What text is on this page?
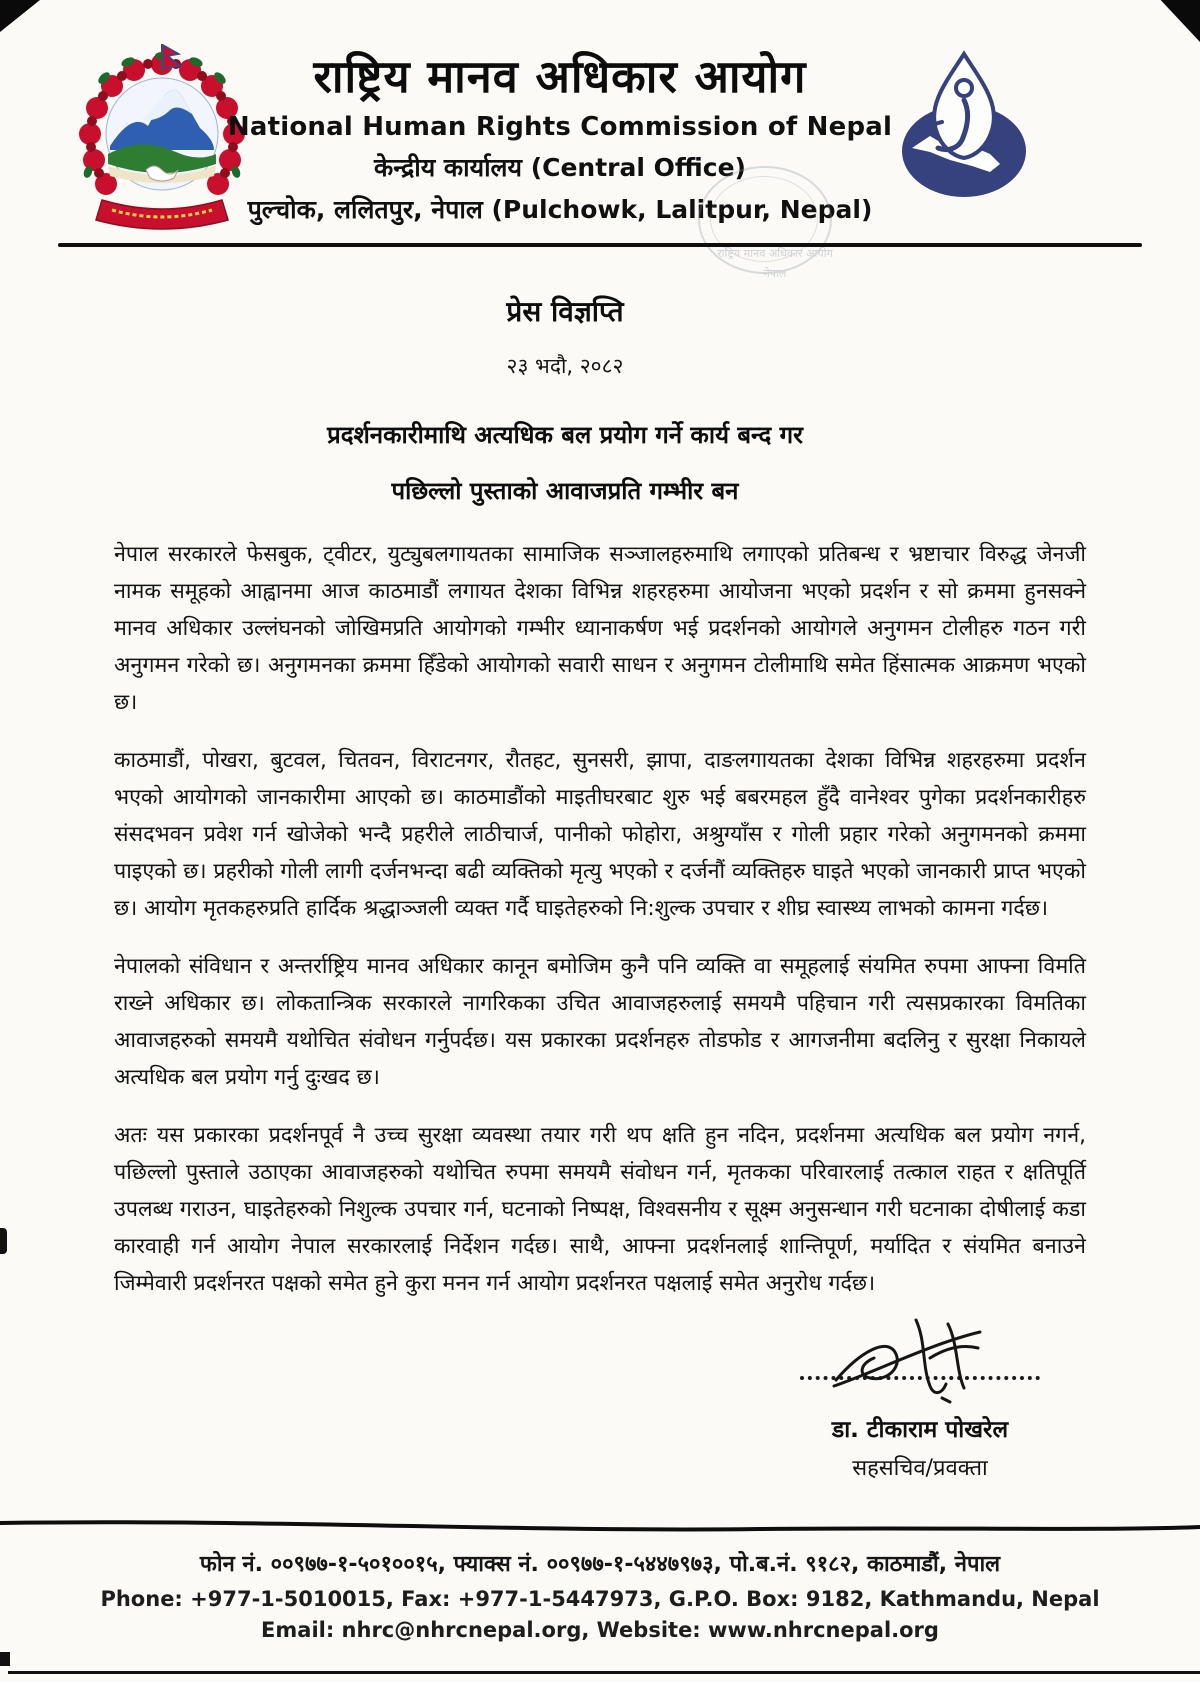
राष्ट्रिय मानव अधिकार आयोग
National Human Rights Commission of Nepal
केन्द्रीय कार्यालय (Central Office)
पुल्चोक, ललितपुर, नेपाल (Pulchowk, Lalitpur, Nepal)
राष्ट्रिय मानव अधिकार आयोग
नेपाल
प्रेस विज्ञप्ति
२३ भदौ, २०८२
प्रदर्शनकारीमाथि अत्यधिक बल प्रयोग गर्ने कार्य बन्द गर
पछिल्लो पुस्ताको आवाजप्रति गम्भीर बन

नेपाल सरकारले फेसबुक, ट्वीटर, युट्युबलगायतका सामाजिक सञ्जालहरुमाथि लगाएको प्रतिबन्ध र भ्रष्टाचार विरुद्ध जेनजी नामक समूहको आह्वानमा आज काठमाडौं लगायत देशका विभिन्न शहरहरुमा आयोजना भएको प्रदर्शन र सो क्रममा हुनसक्ने मानव अधिकार उल्लंघनको जोखिमप्रति आयोगको गम्भीर ध्यानाकर्षण भई प्रदर्शनको आयोगले अनुगमन टोलीहरु गठन गरी अनुगमन गरेको छ। अनुगमनका क्रममा हिँडेको आयोगको सवारी साधन र अनुगमन टोलीमाथि समेत हिंसात्मक आक्रमण भएको छ।

काठमाडौं, पोखरा, बुटवल, चितवन, विराटनगर, रौतहट, सुनसरी, झापा, दाङलगायतका देशका विभिन्न शहरहरुमा प्रदर्शन भएको आयोगको जानकारीमा आएको छ। काठमाडौंको माइतीघरबाट शुरु भई बबरमहल हुँदै वानेश्वर पुगेका प्रदर्शनकारीहरु संसदभवन प्रवेश गर्न खोजेको भन्दै प्रहरीले लाठीचार्ज, पानीको फोहोरा, अश्रुग्याँस र गोली प्रहार गरेको अनुगमनको क्रममा पाइएको छ। प्रहरीको गोली लागी दर्जनभन्दा बढी व्यक्तिको मृत्यु भएको र दर्जनौं व्यक्तिहरु घाइते भएको जानकारी प्राप्त भएको छ। आयोग मृतकहरुप्रति हार्दिक श्रद्धाञ्जली व्यक्त गर्दै घाइतेहरुको नि:शुल्क उपचार र शीघ्र स्वास्थ्य लाभको कामना गर्दछ।

नेपालको संविधान र अन्तर्राष्ट्रिय मानव अधिकार कानून बमोजिम कुनै पनि व्यक्ति वा समूहलाई संयमित रुपमा आफ्ना विमति राख्ने अधिकार छ। लोकतान्त्रिक सरकारले नागरिकका उचित आवाजहरुलाई समयमै पहिचान गरी त्यसप्रकारका विमतिका आवाजहरुको समयमै यथोचित संवोधन गर्नुपर्दछ। यस प्रकारका प्रदर्शनहरु तोडफोड र आगजनीमा बदलिनु र सुरक्षा निकायले अत्यधिक बल प्रयोग गर्नु दुःखद छ।

अतः यस प्रकारका प्रदर्शनपूर्व नै उच्च सुरक्षा व्यवस्था तयार गरी थप क्षति हुन नदिन, प्रदर्शनमा अत्यधिक बल प्रयोग नगर्न, पछिल्लो पुस्ताले उठाएका आवाजहरुको यथोचित रुपमा समयमै संवोधन गर्न, मृतकका परिवारलाई तत्काल राहत र क्षतिपूर्ति उपलब्ध गराउन, घाइतेहरुको निशुल्क उपचार गर्न, घटनाको निष्पक्ष, विश्वसनीय र सूक्ष्म अनुसन्धान गरी घटनाका दोषीलाई कडा कारवाही गर्न आयोग नेपाल सरकारलाई निर्देशन गर्दछ। साथै, आफ्ना प्रदर्शनलाई शान्तिपूर्ण, मर्यादित र संयमित बनाउने जिम्मेवारी प्रदर्शनरत पक्षको समेत हुने कुरा मनन गर्न आयोग प्रदर्शनरत पक्षलाई समेत अनुरोध गर्दछ।

डा. टीकाराम पोखरेल
सहसचिव/प्रवक्ता
फोन नं. ००९७७-१-५०१००१५, फ्याक्स नं. ००९७७-१-५४४७९७३, पो.ब.नं. ९१८२, काठमाडौं, नेपाल
Phone: +977-1-5010015, Fax: +977-1-5447973, G.P.O. Box: 9182, Kathmandu, Nepal
Email: nhrc@nhrcnepal.org, Website: www.nhrcnepal.org
